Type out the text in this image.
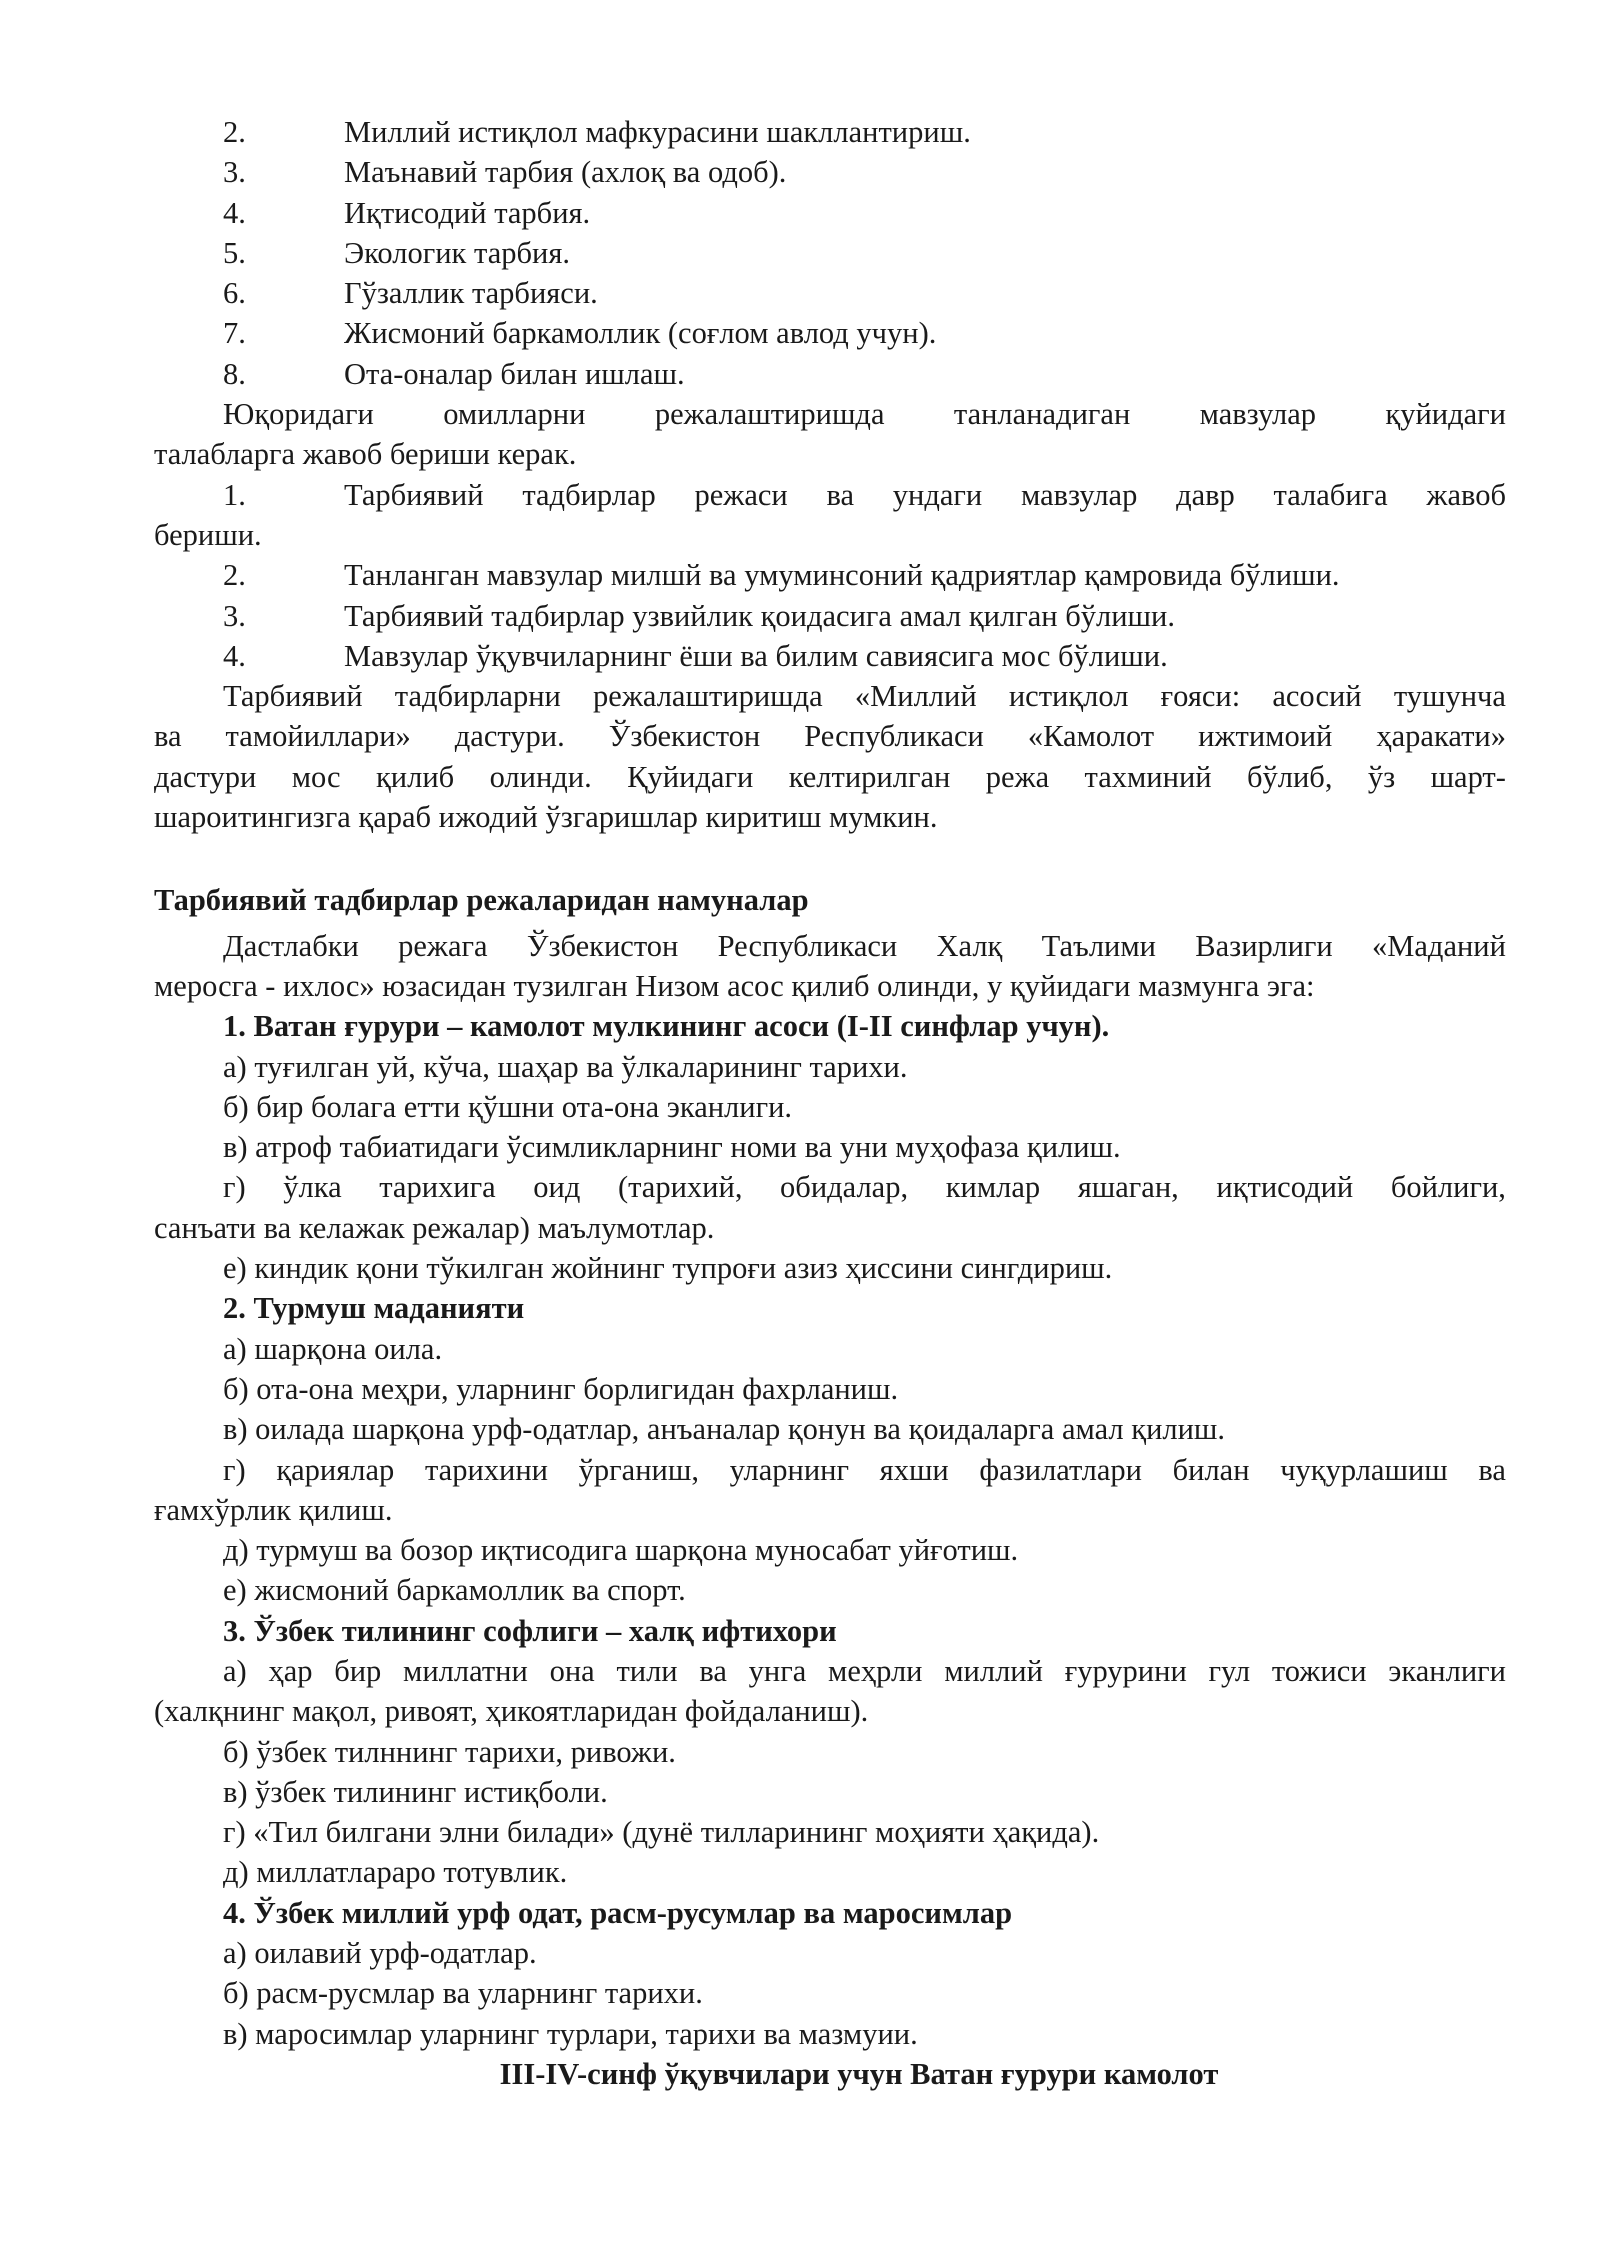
2.	Миллий истиқлол мафкурасини шакллантириш.
3.	Маънавий тарбия (ахлоқ ва одоб).
4.	Иқтисодий тарбия.
5.	Экологик тарбия.
6.	Гўзаллик тарбияси.
7.	Жисмоний баркамоллик (соғлом авлод учун).
8.	Ота-оналар билан ишлаш.
Юқоридаги омилларни режалаштиришда танланадиган мавзулар қуйидаги
талабларга жавоб бериши керак.
1.	Тарбиявий тадбирлар режаси ва ундаги мавзулар давр талабига жавоб
бериши.
2.	Танланган мавзулар милшй ва умуминсоний қадриятлар қамровида бўлиши.
3.	Тарбиявий тадбирлар узвийлик қоидасига амал қилган бўлиши.
4.	Мавзулар ўқувчиларнинг ёши ва билим савиясига мос бўлиши.
Тарбиявий тадбирларни режалаштиришда «Миллий истиқлол ғояси: асосий тушунча
ва тамойиллари» дастури. Ўзбекистон Республикаси «Камолот ижтимоий ҳаракати»
дастури мос қилиб олинди. Қуйидаги келтирилган режа тахминий бўлиб, ўз шарт-
шароитингизга қараб ижодий ўзгаришлар киритиш мумкин.
Тарбиявий тадбирлар режаларидан намуналар
Дастлабки режага Ўзбекистон Республикаси Халқ Таълими Вазирлиги «Маданий
меросга - ихлос» юзасидан тузилган Низом асос қилиб олинди, у қуйидаги мазмунга эга:
1. Ватан ғурури – камолот мулкининг асоси (I-II синфлар учун).
а) туғилган уй, кўча, шаҳар ва ўлкаларининг тарихи.
б) бир болага етти қўшни ота-она эканлиги.
в) атроф табиатидаги ўсимликларнинг номи ва уни муҳофаза қилиш.
г) ўлка тарихига оид (тарихий, обидалар, кимлар яшаган, иқтисодий бойлиги,
санъати ва келажак режалар) маълумотлар.
е) киндик қони тўкилган жойнинг тупроғи азиз ҳиссини сингдириш.
2. Турмуш маданияти
а) шарқона оила.
б) ота-она меҳри, уларнинг борлигидан фахрланиш.
в) оилада шарқона урф-одатлар, анъаналар қонун ва қоидаларга амал қилиш.
г) қариялар тарихини ўрганиш, уларнинг яхши фазилатлари билан чуқурлашиш ва
ғамхўрлик қилиш.
д) турмуш ва бозор иқтисодига шарқона муносабат уйғотиш.
е) жисмоний баркамоллик ва спорт.
3. Ўзбек тилининг софлиги – халқ ифтихори
а) ҳар бир миллатни она тили ва унга меҳрли миллий ғурурини гул тожиси эканлиги
(халқнинг мақол, ривоят, ҳикоятларидан фойдаланиш).
б) ўзбек тилннинг тарихи, ривожи.
в) ўзбек тилининг истиқболи.
г) «Тил билгани элни билади» (дунё тилларининг моҳияти ҳақида).
д) миллатлараро тотувлик.
4. Ўзбек миллий урф одат, расм-русумлар ва маросимлар
а) оилавий урф-одатлар.
б) расм-русмлар ва уларнинг тарихи.
в) маросимлар уларнинг турлари, тарихи ва мазмуии.
III-IV-синф ўқувчилари учун Ватан ғурури камолот
